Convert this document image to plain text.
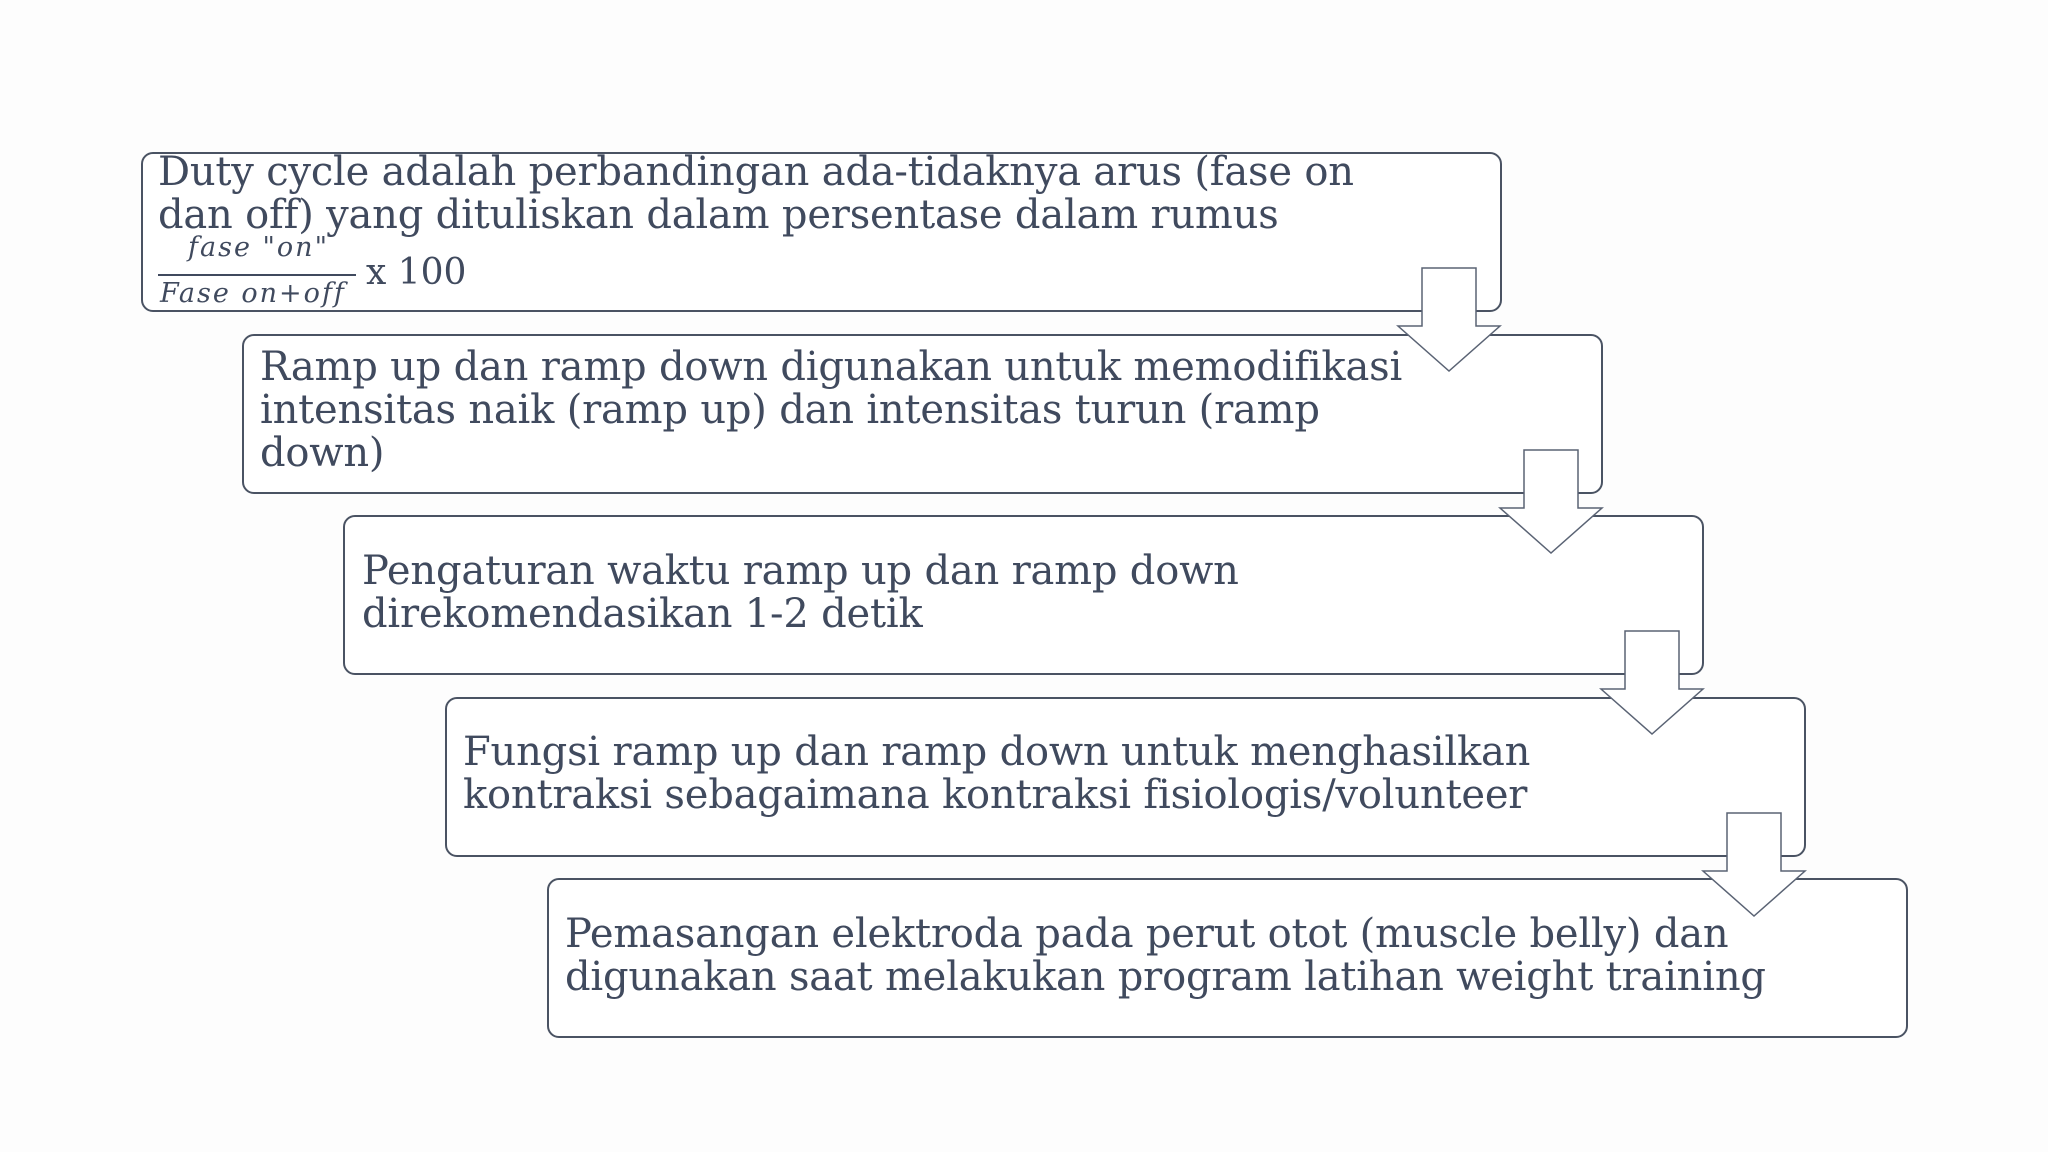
Duty cycle adalah perbandingan ada-tidaknya arus (fase on
dan off) yang dituliskan dalam persentase dalam rumus
fase "on"
Fase on+off
x 100
Ramp up dan ramp down digunakan untuk memodifikasi
intensitas naik (ramp up) dan intensitas turun (ramp
down)
Pengaturan waktu ramp up dan ramp down
direkomendasikan 1-2 detik
Fungsi ramp up dan ramp down untuk menghasilkan
kontraksi sebagaimana kontraksi fisiologis/volunteer
Pemasangan elektroda pada perut otot (muscle belly) dan
digunakan saat melakukan program latihan weight training
